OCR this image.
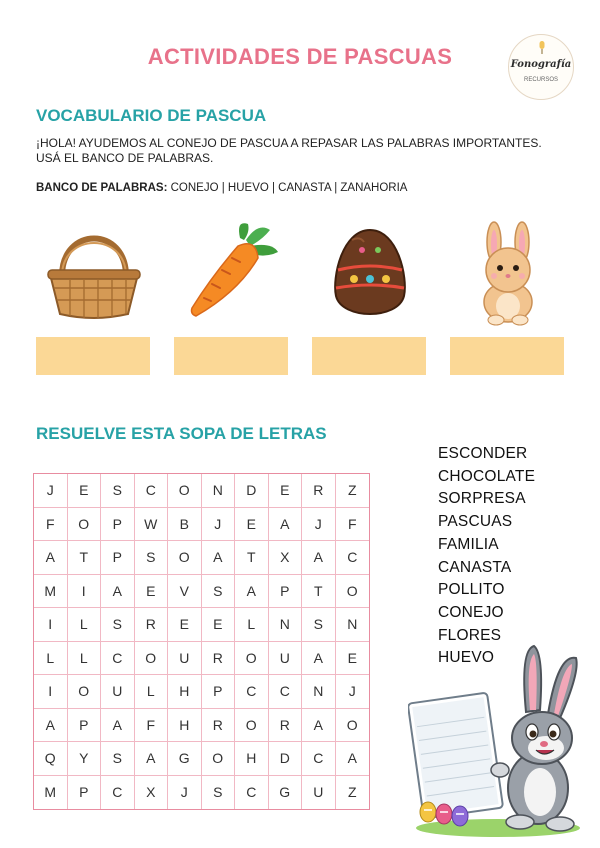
ACTIVIDADES DE PASCUAS	Fonografía
RECURSOS
VOCABULARIO DE PASCUA
¡HOLA! AYUDEMOS AL CONEJO DE PASCUA A REPASAR LAS PALABRAS IMPORTANTES.
USÁ EL BANCO DE PALABRAS.
BANCO DE PALABRAS: CONEJO | HUEVO | CANASTA | ZANAHORIA
RESUELVE ESTA SOPA DE LETRAS
J	E	S	C	O	N	D	E	R	Z
F	O	P	W	B	J	E	A	J	F
A	T	P	S	O	A	T	X	A	C
M	I	A	E	V	S	A	P	T	O
I	L	S	R	E	E	L	N	S	N
L	L	C	O	U	R	O	U	A	E
I	O	U	L	H	P	C	C	N	J
A	P	A	F	H	R	O	R	A	O
Q	Y	S	A	G	O	H	D	C	A
M	P	C	X	J	S	C	G	U	Z
ESCONDER
CHOCOLATE
SORPRESA
PASCUAS
FAMILIA
CANASTA
POLLITO
CONEJO
FLORES
HUEVO
